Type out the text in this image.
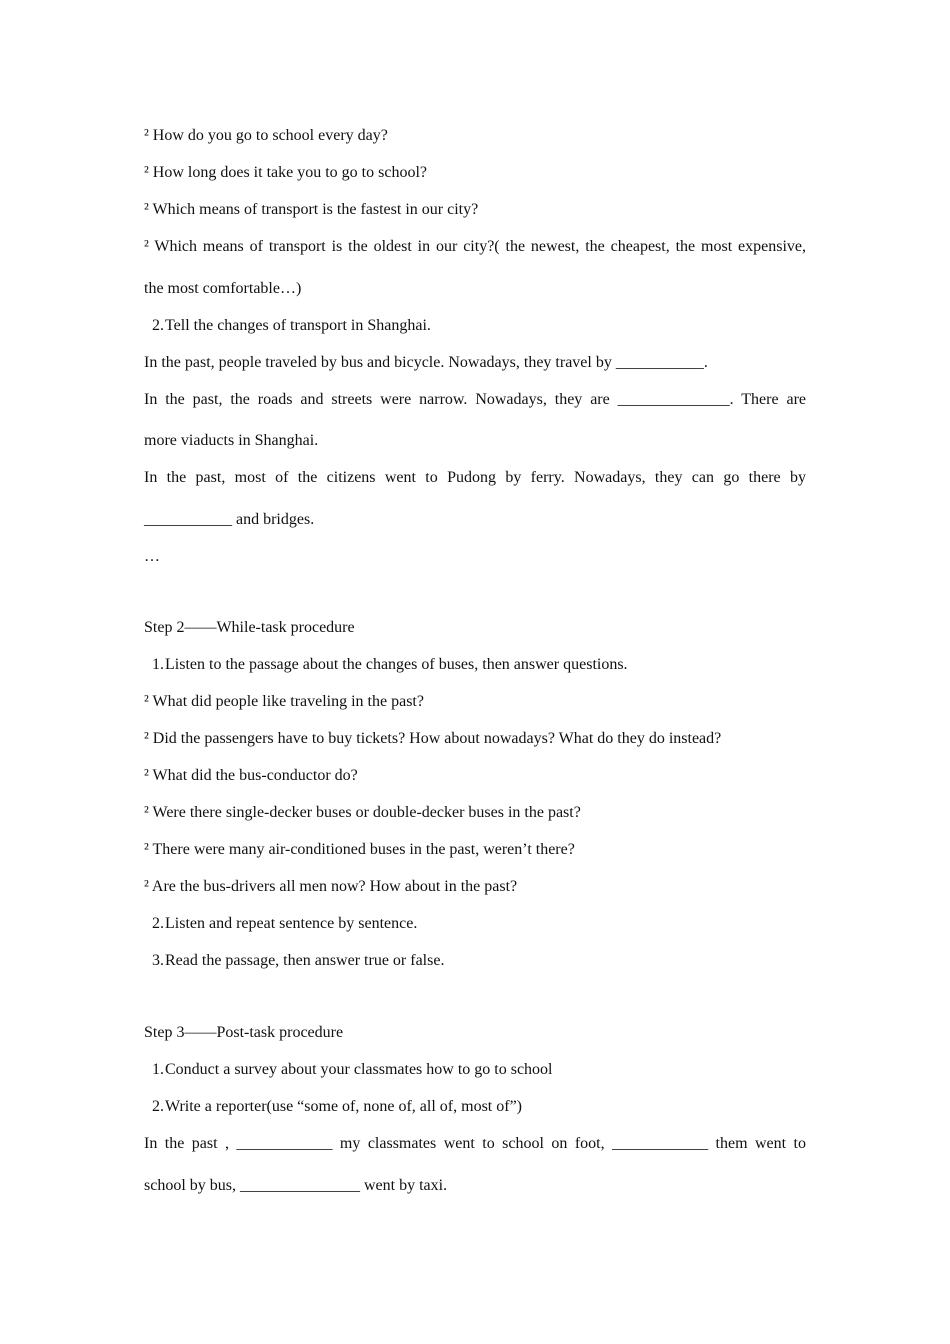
² How do you go to school every day?
² How long does it take you to go to school?
² Which means of transport is the fastest in our city?
² Which means of transport is the oldest in our city?( the newest, the cheapest, the most expensive,
the most comfortable…)
2.Tell the changes of transport in Shanghai.
In the past, people traveled by bus and bicycle. Nowadays, they travel by ___________.
In the past, the roads and streets were narrow. Nowadays, they are ______________. There are
more viaducts in Shanghai.
In the past, most of the citizens went to Pudong by ferry. Nowadays, they can go there by
___________ and bridges.
…
Step 2——While-task procedure
1.Listen to the passage about the changes of buses, then answer questions.
² What did people like traveling in the past?
² Did the passengers have to buy tickets? How about nowadays? What do they do instead?
² What did the bus-conductor do?
² Were there single-decker buses or double-decker buses in the past?
² There were many air-conditioned buses in the past, weren’t there?
² Are the bus-drivers all men now? How about in the past?
2.Listen and repeat sentence by sentence.
3.Read the passage, then answer true or false.
Step 3——Post-task procedure
1.Conduct a survey about your classmates how to go to school
2.Write a reporter(use “some of, none of, all of, most of”)
In the past , ____________ my classmates went to school on foot, ____________ them went to
school by bus, _______________ went by taxi.
